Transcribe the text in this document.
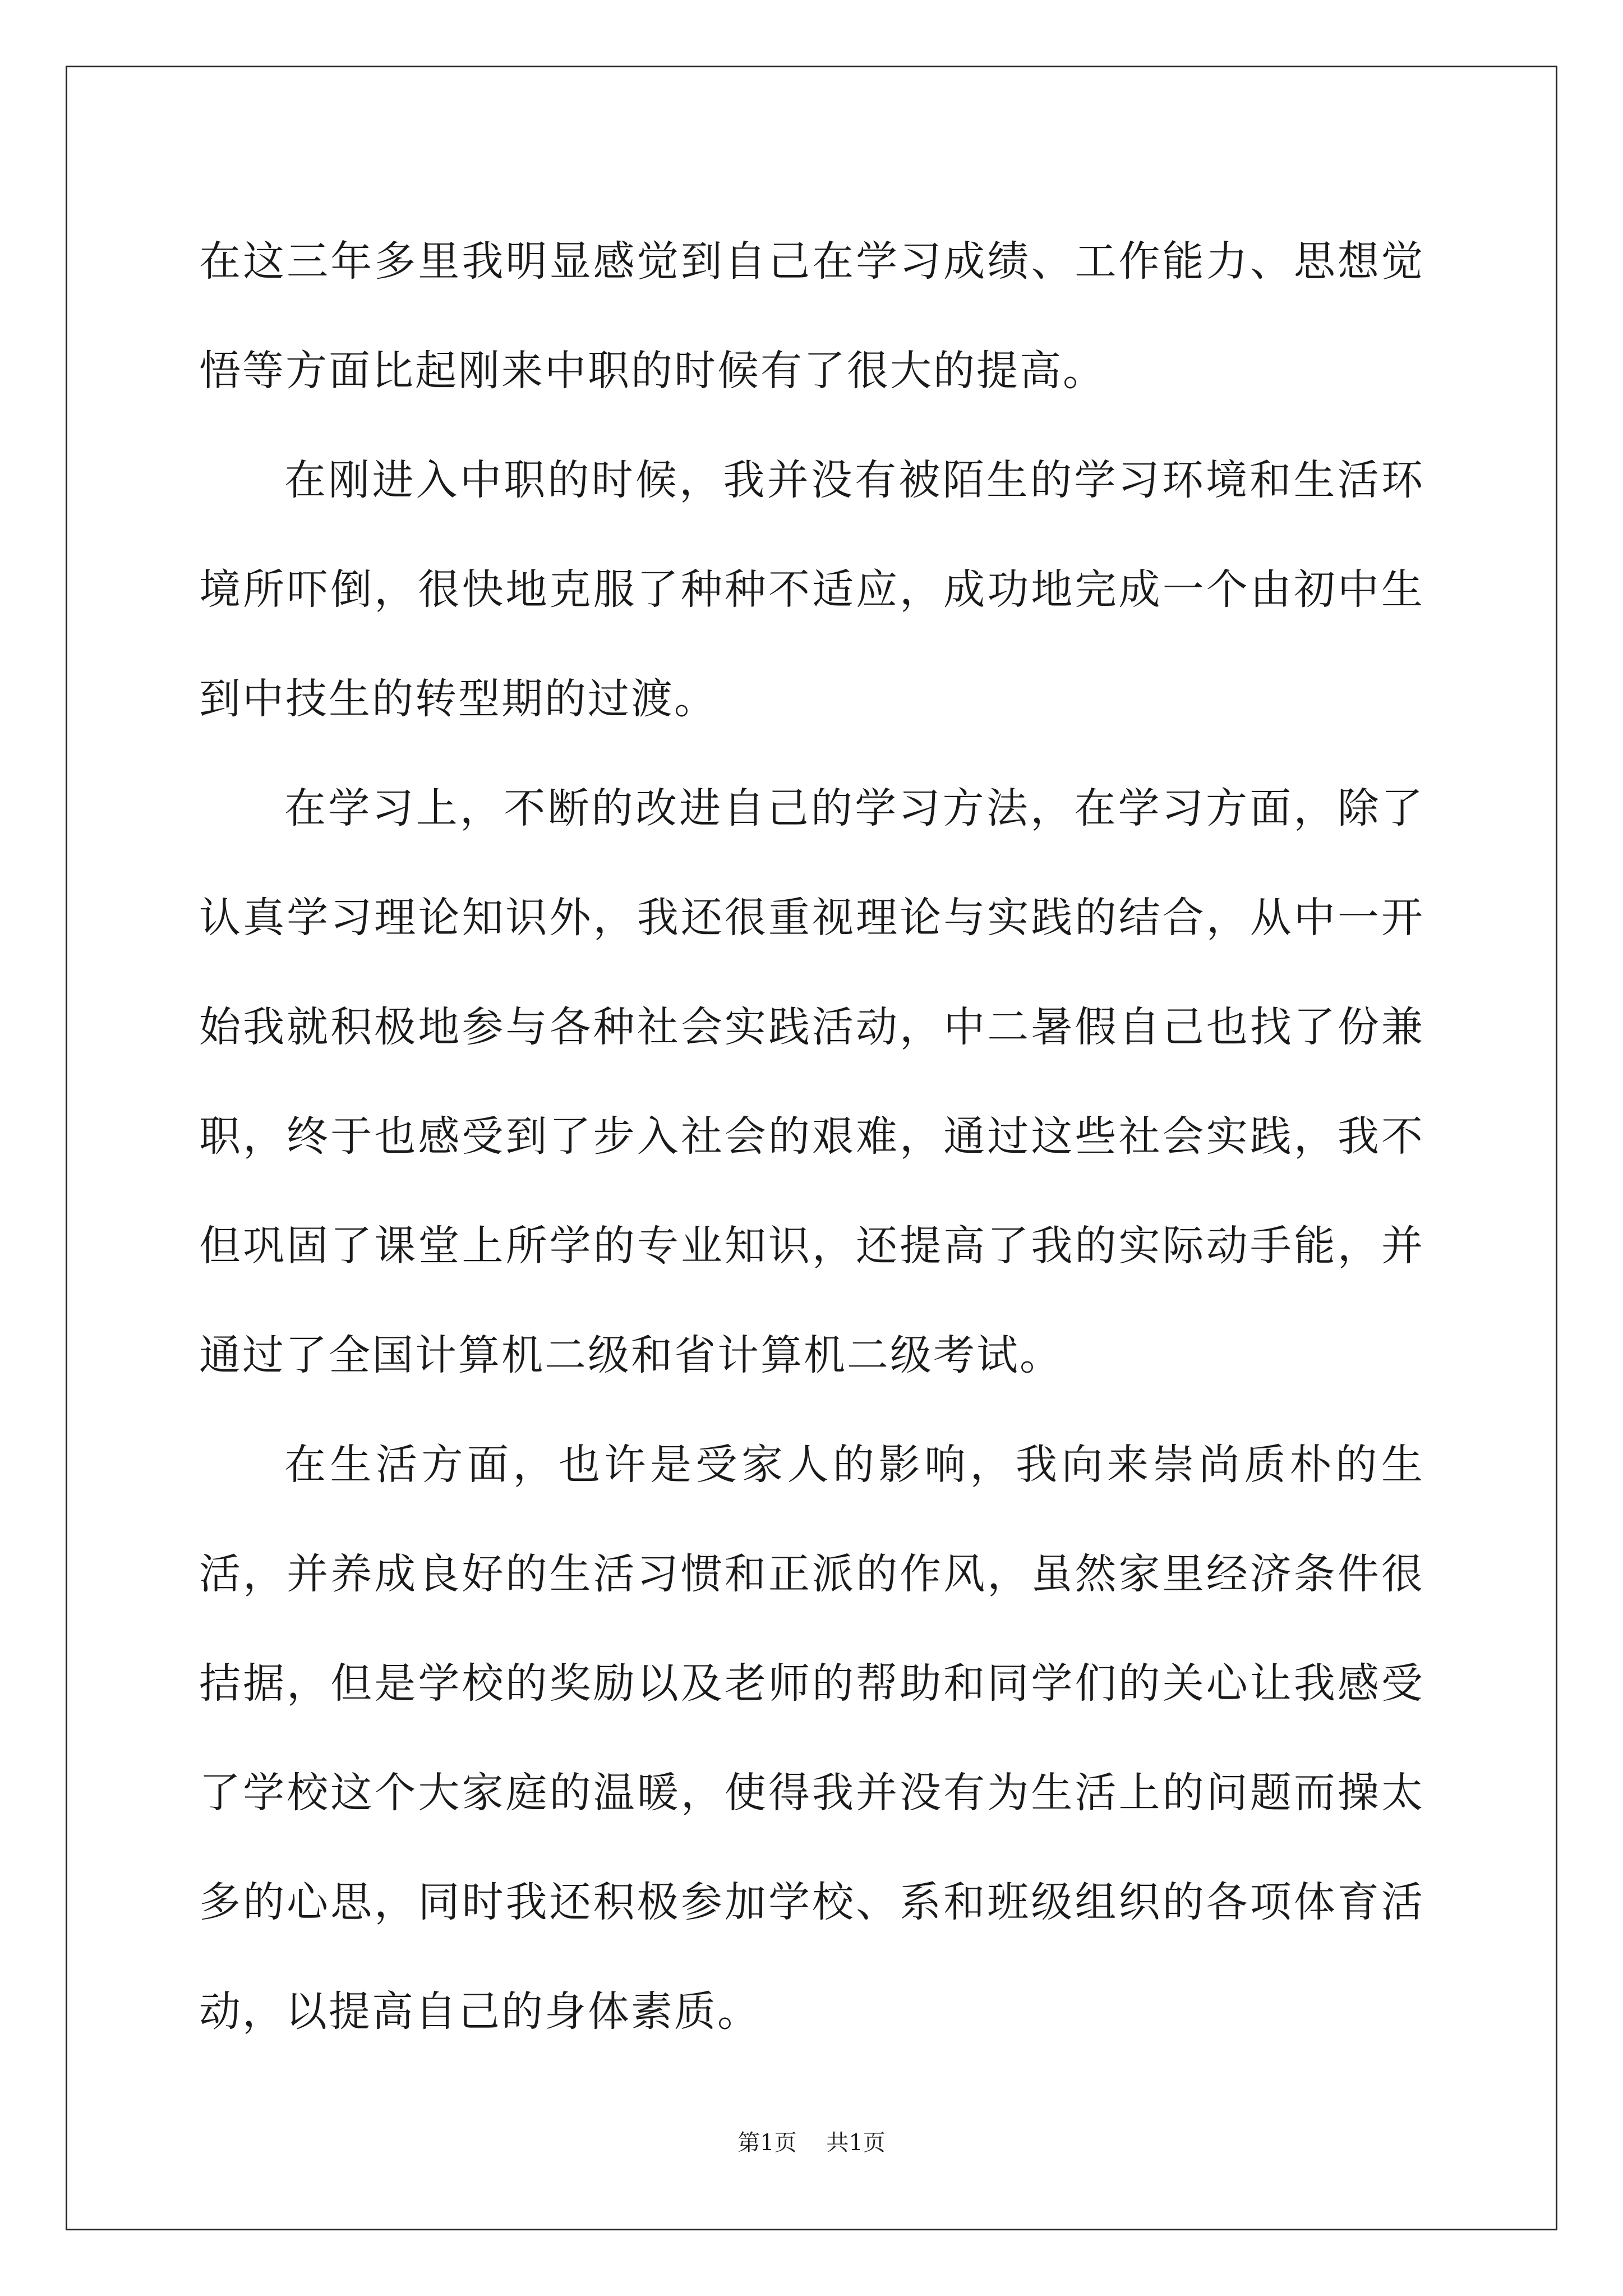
在这三年多里我明显感觉到自己在学习成绩、工作能力、思想觉悟等方面比起刚来中职的时候有了很大的提高。

在刚进入中职的时候，我并没有被陌生的学习环境和生活环境所吓倒，很快地克服了种种不适应，成功地完成一个由初中生到中技生的转型期的过渡。

在学习上，不断的改进自己的学习方法，在学习方面，除了认真学习理论知识外，我还很重视理论与实践的结合，从中一开始我就积极地参与各种社会实践活动，中二暑假自己也找了份兼职，终于也感受到了步入社会的艰难，通过这些社会实践，我不但巩固了课堂上所学的专业知识，还提高了我的实际动手能，并通过了全国计算机二级和省计算机二级考试。

在生活方面，也许是受家人的影响，我向来崇尚质朴的生活，并养成良好的生活习惯和正派的作风，虽然家里经济条件很拮据，但是学校的奖励以及老师的帮助和同学们的关心让我感受了学校这个大家庭的温暖，使得我并没有为生活上的问题而操太多的心思，同时我还积极参加学校、系和班级组织的各项体育活动，以提高自己的身体素质。

第1页 共1页
